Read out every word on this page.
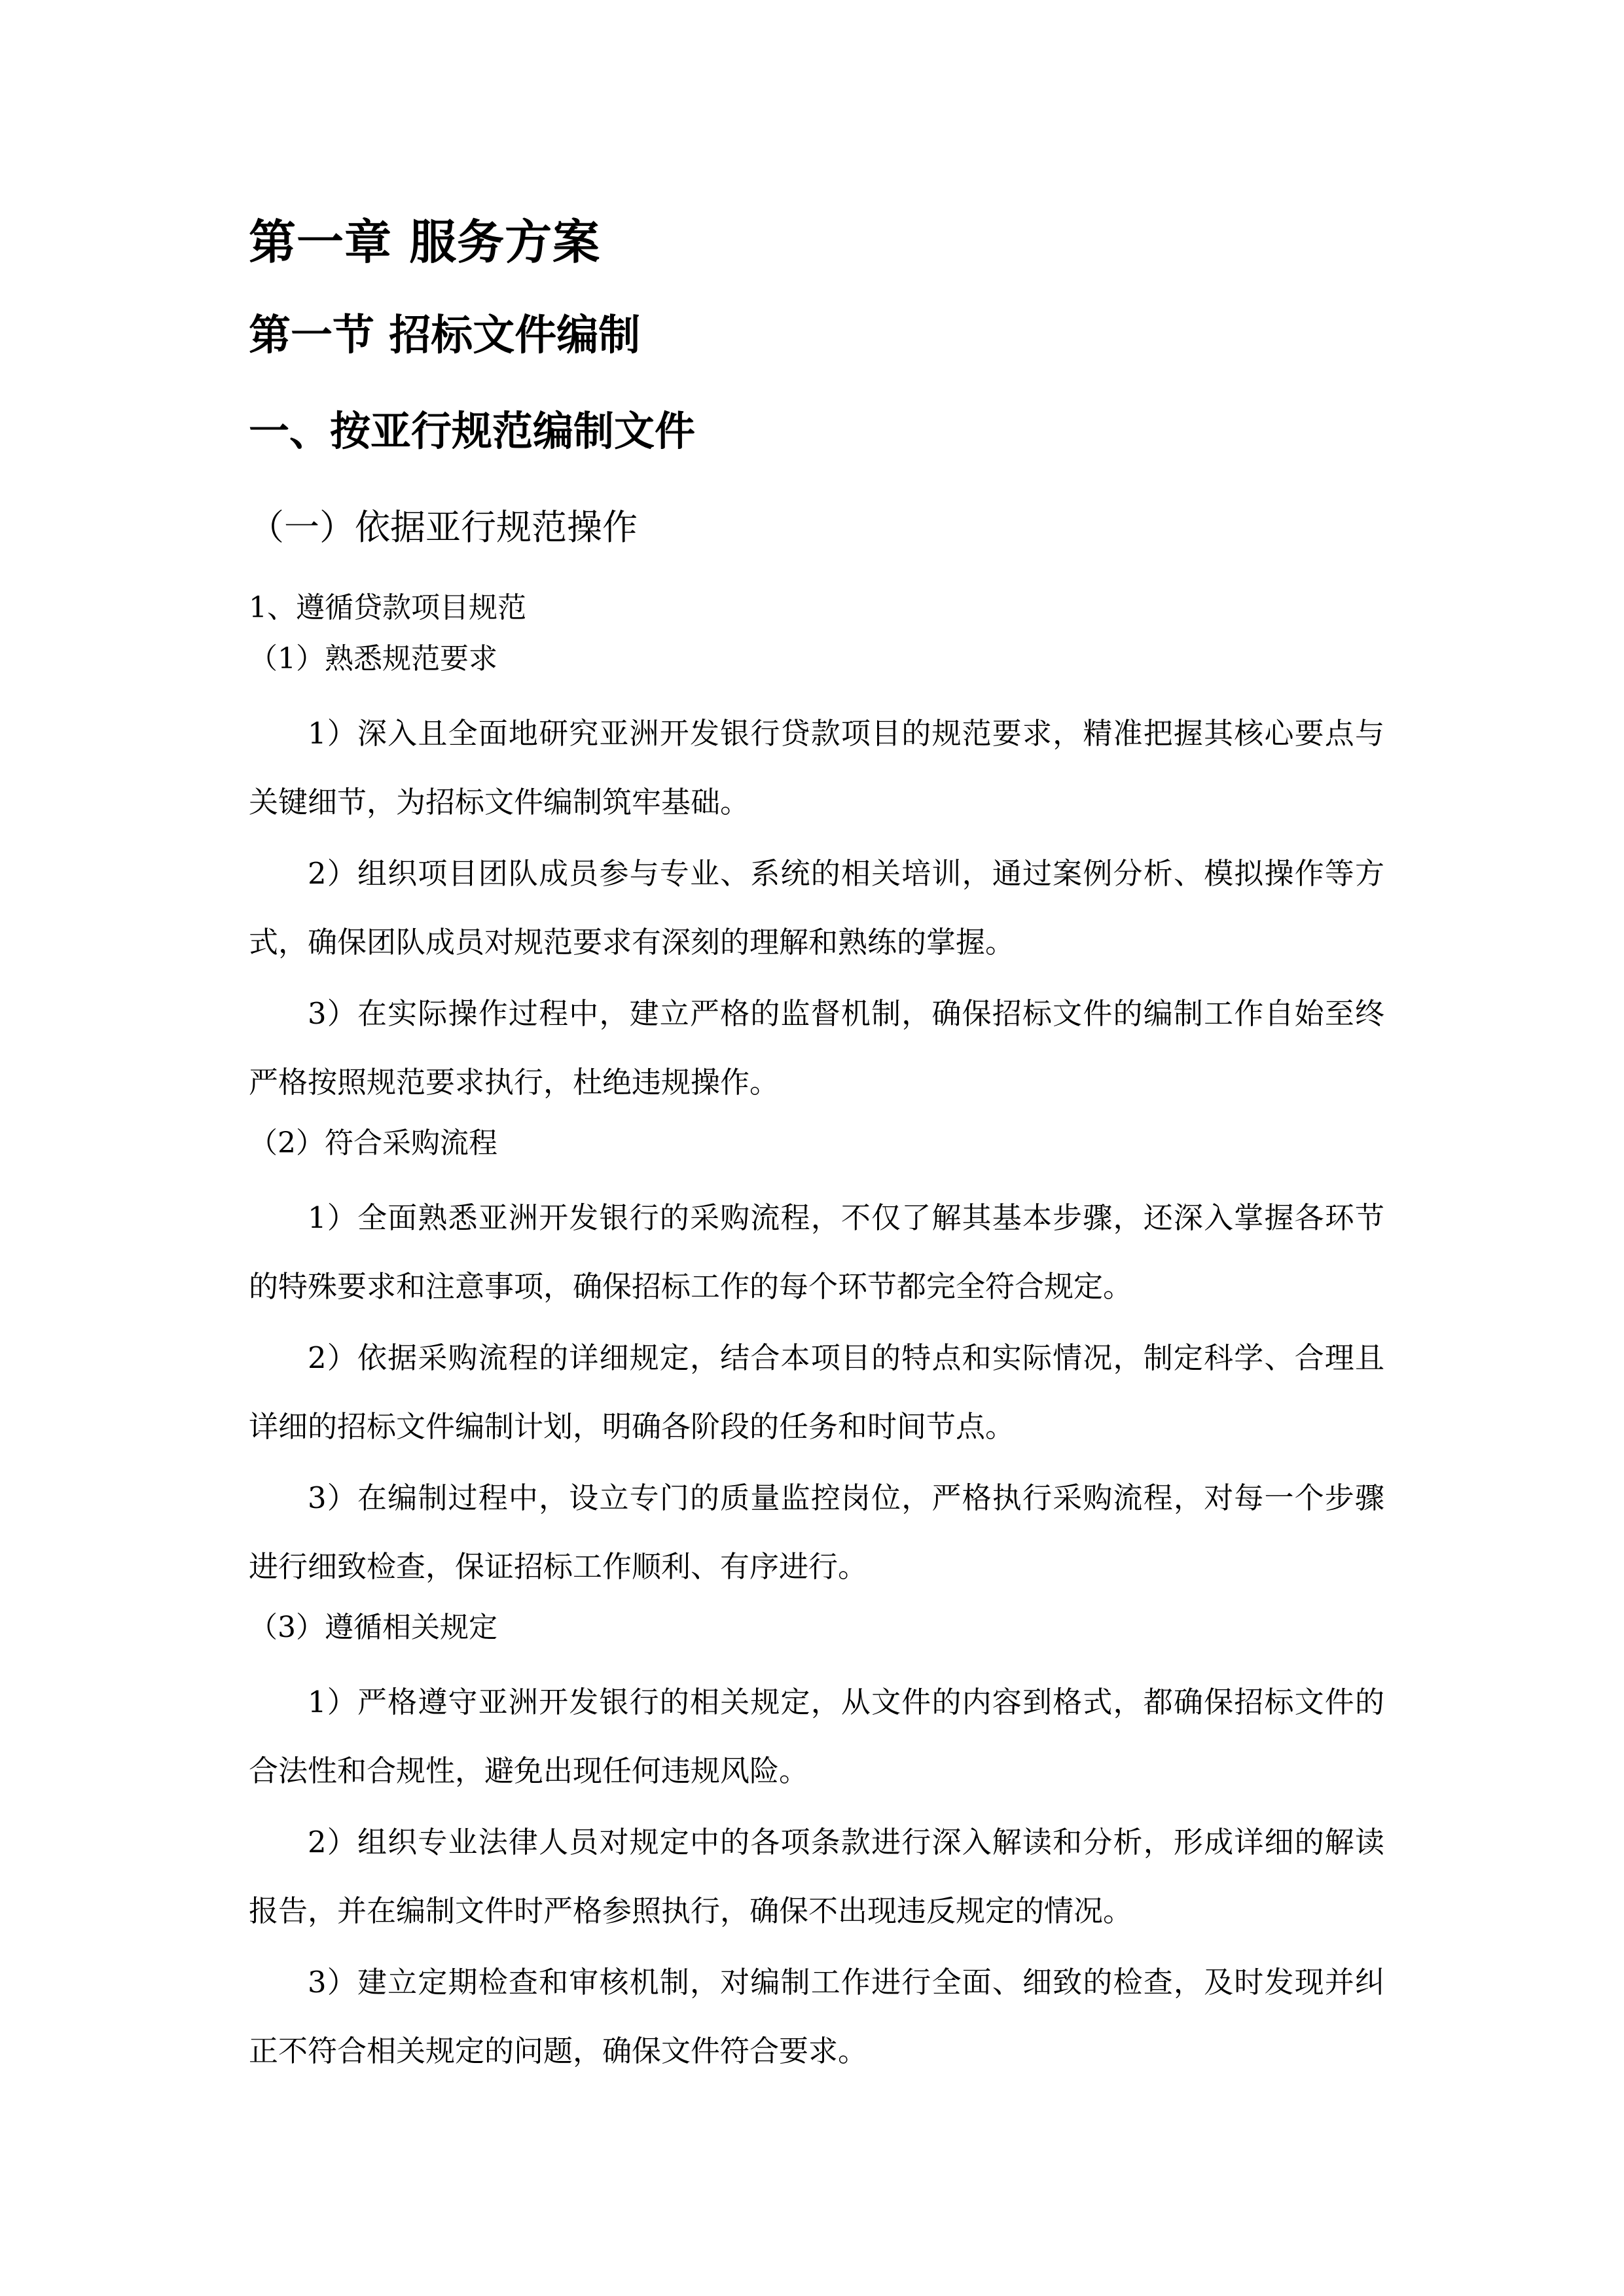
第一章 服务方案
第一节 招标文件编制
一、按亚行规范编制文件
（一）依据亚行规范操作
1、遵循贷款项目规范
（1）熟悉规范要求

1）深入且全面地研究亚洲开发银行贷款项目的规范要求，精准把握其核心要点与关键细节，为招标文件编制筑牢基础。

2）组织项目团队成员参与专业、系统的相关培训，通过案例分析、模拟操作等方式，确保团队成员对规范要求有深刻的理解和熟练的掌握。

3）在实际操作过程中，建立严格的监督机制，确保招标文件的编制工作自始至终严格按照规范要求执行，杜绝违规操作。

（2）符合采购流程

1）全面熟悉亚洲开发银行的采购流程，不仅了解其基本步骤，还深入掌握各环节的特殊要求和注意事项，确保招标工作的每个环节都完全符合规定。

2）依据采购流程的详细规定，结合本项目的特点和实际情况，制定科学、合理且详细的招标文件编制计划，明确各阶段的任务和时间节点。

3）在编制过程中，设立专门的质量监控岗位，严格执行采购流程，对每一个步骤进行细致检查，保证招标工作顺利、有序进行。

（3）遵循相关规定

1）严格遵守亚洲开发银行的相关规定，从文件的内容到格式，都确保招标文件的合法性和合规性，避免出现任何违规风险。

2）组织专业法律人员对规定中的各项条款进行深入解读和分析，形成详细的解读报告，并在编制文件时严格参照执行，确保不出现违反规定的情况。

3）建立定期检查和审核机制，对编制工作进行全面、细致的检查，及时发现并纠正不符合相关规定的问题，确保文件符合要求。
